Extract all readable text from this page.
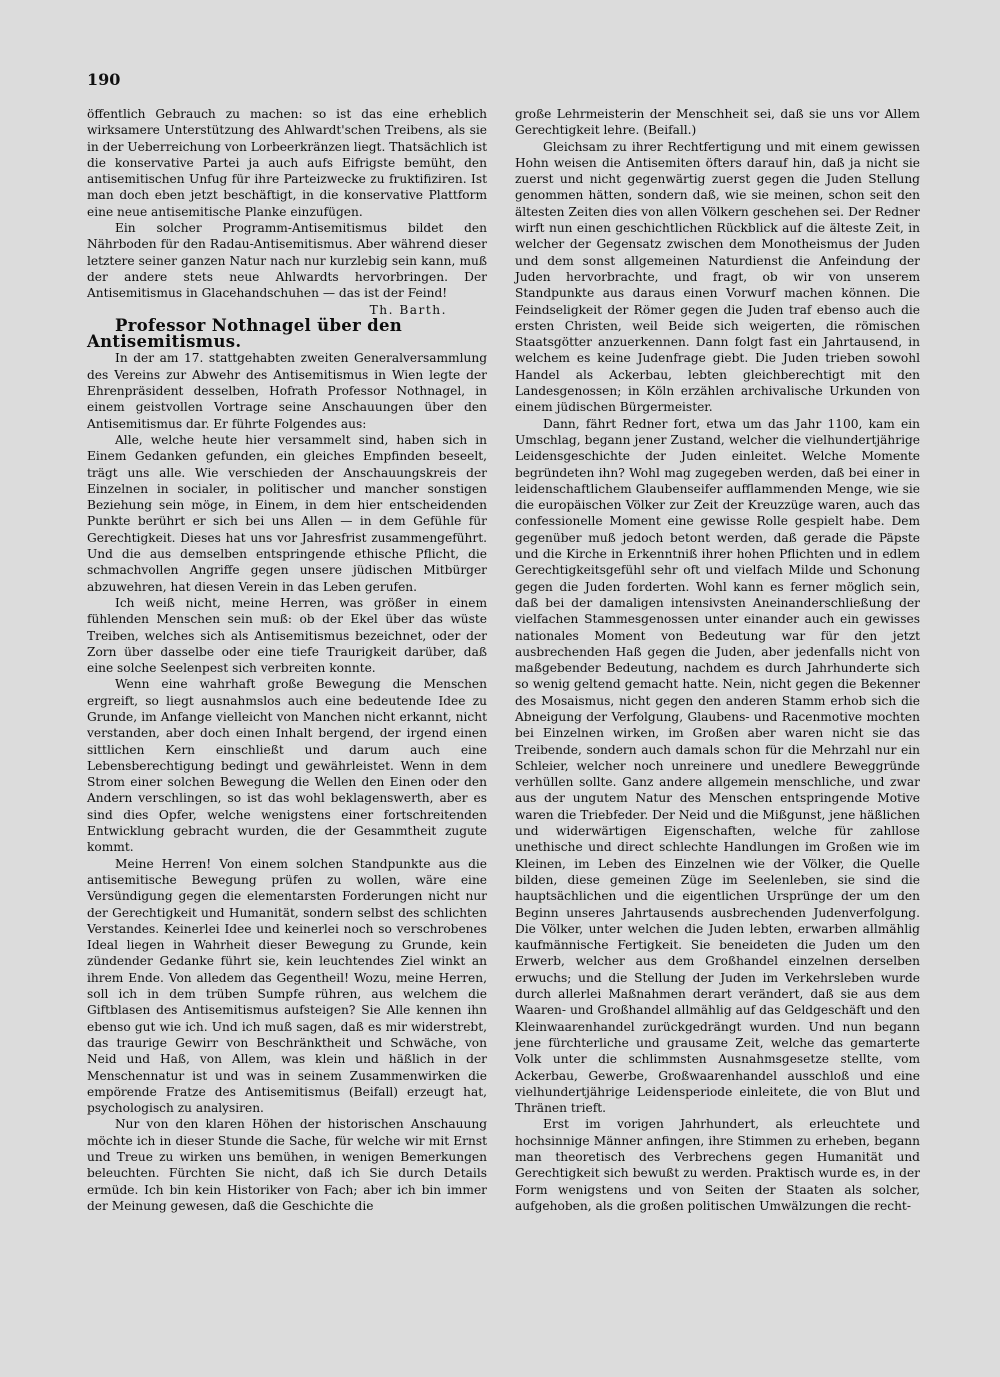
190

öffentlich Gebrauch zu machen: so ist das eine erheblich wirksamere Unterstützung des Ahlwardt'schen Treibens, als sie in der Ueberreichung von Lorbeerkränzen liegt. Thatsächlich ist die konservative Partei ja auch aufs Eifrigste bemüht, den antisemitischen Unfug für ihre Parteizwecke zu fruktifiziren. Ist man doch eben jetzt beschäftigt, in die konservative Plattform eine neue antisemitische Planke einzufügen.

Ein solcher Programm-Antisemitismus bildet den Nährboden für den Radau-Antisemitismus. Aber während dieser letztere seiner ganzen Natur nach nur kurzlebig sein kann, muß der andere stets neue Ahlwardts hervorbringen. Der Antisemitismus in Glacehandschuhen — das ist der Feind!

Th. Barth.

Professor Nothnagel über den Antisemitismus.

In der am 17. stattgehabten zweiten Generalversammlung des Vereins zur Abwehr des Antisemitismus in Wien legte der Ehrenpräsident desselben, Hofrath Professor Nothnagel, in einem geistvollen Vortrage seine Anschauungen über den Antisemitismus dar. Er führte Folgendes aus:

Alle, welche heute hier versammelt sind, haben sich in Einem Gedanken gefunden, ein gleiches Empfinden beseelt, trägt uns alle. Wie verschieden der Anschauungskreis der Einzelnen in socialer, in politischer und mancher sonstigen Beziehung sein möge, in Einem, in dem hier entscheidenden Punkte berührt er sich bei uns Allen — in dem Gefühle für Gerechtigkeit. Dieses hat uns vor Jahresfrist zusammengeführt. Und die aus demselben entspringende ethische Pflicht, die schmachvollen Angriffe gegen unsere jüdischen Mitbürger abzuwehren, hat diesen Verein in das Leben gerufen.

Ich weiß nicht, meine Herren, was größer in einem fühlenden Menschen sein muß: ob der Ekel über das wüste Treiben, welches sich als Antisemitismus bezeichnet, oder der Zorn über dasselbe oder eine tiefe Traurigkeit darüber, daß eine solche Seelenpest sich verbreiten konnte.

Wenn eine wahrhaft große Bewegung die Menschen ergreift, so liegt ausnahmslos auch eine bedeutende Idee zu Grunde, im Anfange vielleicht von Manchen nicht erkannt, nicht verstanden, aber doch einen Inhalt bergend, der irgend einen sittlichen Kern einschließt und darum auch eine Lebensberechtigung bedingt und gewährleistet. Wenn in dem Strom einer solchen Bewegung die Wellen den Einen oder den Andern verschlingen, so ist das wohl beklagenswerth, aber es sind dies Opfer, welche wenigstens einer fortschreitenden Entwicklung gebracht wurden, die der Gesammtheit zugute kommt.

Meine Herren! Von einem solchen Standpunkte aus die antisemitische Bewegung prüfen zu wollen, wäre eine Versündigung gegen die elementarsten Forderungen nicht nur der Gerechtigkeit und Humanität, sondern selbst des schlichten Verstandes. Keinerlei Idee und keinerlei noch so verschrobenes Ideal liegen in Wahrheit dieser Bewegung zu Grunde, kein zündender Gedanke führt sie, kein leuchtendes Ziel winkt an ihrem Ende. Von alledem das Gegentheil! Wozu, meine Herren, soll ich in dem trüben Sumpfe rühren, aus welchem die Giftblasen des Antisemitismus aufsteigen? Sie Alle kennen ihn ebenso gut wie ich. Und ich muß sagen, daß es mir widerstrebt, das traurige Gewirr von Beschränktheit und Schwäche, von Neid und Haß, von Allem, was klein und häßlich in der Menschennatur ist und was in seinem Zusammenwirken die empörende Fratze des Antisemitismus (Beifall) erzeugt hat, psychologisch zu analysiren.

Nur von den klaren Höhen der historischen Anschauung möchte ich in dieser Stunde die Sache, für welche wir mit Ernst und Treue zu wirken uns bemühen, in wenigen Bemerkungen beleuchten. Fürchten Sie nicht, daß ich Sie durch Details ermüde. Ich bin kein Historiker von Fach; aber ich bin immer der Meinung gewesen, daß die Geschichte die

große Lehrmeisterin der Menschheit sei, daß sie uns vor Allem Gerechtigkeit lehre. (Beifall.)

Gleichsam zu ihrer Rechtfertigung und mit einem gewissen Hohn weisen die Antisemiten öfters darauf hin, daß ja nicht sie zuerst und nicht gegenwärtig zuerst gegen die Juden Stellung genommen hätten, sondern daß, wie sie meinen, schon seit den ältesten Zeiten dies von allen Völkern geschehen sei. Der Redner wirft nun einen geschichtlichen Rückblick auf die älteste Zeit, in welcher der Gegensatz zwischen dem Monotheismus der Juden und dem sonst allgemeinen Naturdienst die Anfeindung der Juden hervorbrachte, und fragt, ob wir von unserem Standpunkte aus daraus einen Vorwurf machen können. Die Feindseligkeit der Römer gegen die Juden traf ebenso auch die ersten Christen, weil Beide sich weigerten, die römischen Staatsgötter anzuerkennen. Dann folgt fast ein Jahrtausend, in welchem es keine Judenfrage giebt. Die Juden trieben sowohl Handel als Ackerbau, lebten gleichberechtigt mit den Landesgenossen; in Köln erzählen archivalische Urkunden von einem jüdischen Bürgermeister.

Dann, fährt Redner fort, etwa um das Jahr 1100, kam ein Umschlag, begann jener Zustand, welcher die vielhundertjährige Leidensgeschichte der Juden einleitet. Welche Momente begründeten ihn? Wohl mag zugegeben werden, daß bei einer in leidenschaftlichem Glaubenseifer aufflammenden Menge, wie sie die europäischen Völker zur Zeit der Kreuzzüge waren, auch das confessionelle Moment eine gewisse Rolle gespielt habe. Dem gegenüber muß jedoch betont werden, daß gerade die Päpste und die Kirche in Erkenntniß ihrer hohen Pflichten und in edlem Gerechtigkeitsgefühl sehr oft und vielfach Milde und Schonung gegen die Juden forderten. Wohl kann es ferner möglich sein, daß bei der damaligen intensivsten Aneinanderschließung der vielfachen Stammesgenossen unter einander auch ein gewisses nationales Moment von Bedeutung war für den jetzt ausbrechenden Haß gegen die Juden, aber jedenfalls nicht von maßgebender Bedeutung, nachdem es durch Jahrhunderte sich so wenig geltend gemacht hatte. Nein, nicht gegen die Bekenner des Mosaismus, nicht gegen den anderen Stamm erhob sich die Abneigung der Verfolgung, Glaubens- und Racenmotive mochten bei Einzelnen wirken, im Großen aber waren nicht sie das Treibende, sondern auch damals schon für die Mehrzahl nur ein Schleier, welcher noch unreinere und unedlere Beweggründe verhüllen sollte. Ganz andere allgemein menschliche, und zwar aus der ungutem Natur des Menschen entspringende Motive waren die Triebfeder. Der Neid und die Mißgunst, jene häßlichen und widerwärtigen Eigenschaften, welche für zahllose unethische und direct schlechte Handlungen im Großen wie im Kleinen, im Leben des Einzelnen wie der Völker, die Quelle bilden, diese gemeinen Züge im Seelenleben, sie sind die hauptsächlichen und die eigentlichen Ursprünge der um den Beginn unseres Jahrtausends ausbrechenden Judenverfolgung. Die Völker, unter welchen die Juden lebten, erwarben allmählig kaufmännische Fertigkeit. Sie beneideten die Juden um den Erwerb, welcher aus dem Großhandel einzelnen derselben erwuchs; und die Stellung der Juden im Verkehrsleben wurde durch allerlei Maßnahmen derart verändert, daß sie aus dem Waaren- und Großhandel allmählig auf das Geldgeschäft und den Kleinwaarenhandel zurückgedrängt wurden. Und nun begann jene fürchterliche und grausame Zeit, welche das gemarterte Volk unter die schlimmsten Ausnahmsgesetze stellte, vom Ackerbau, Gewerbe, Großwaarenhandel ausschloß und eine vielhundertjährige Leidensperiode einleitete, die von Blut und Thränen trieft.

Erst im vorigen Jahrhundert, als erleuchtete und hochsinnige Männer anfingen, ihre Stimmen zu erheben, begann man theoretisch des Verbrechens gegen Humanität und Gerechtigkeit sich bewußt zu werden. Praktisch wurde es, in der Form wenigstens und von Seiten der Staaten als solcher, aufgehoben, als die großen politischen Umwälzungen die recht-
